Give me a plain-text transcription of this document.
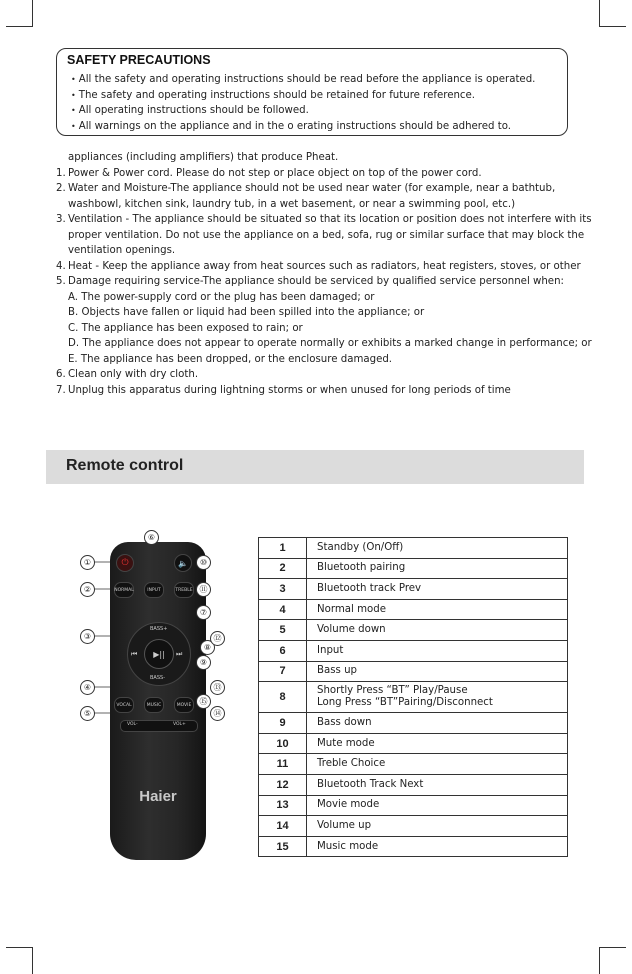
SAFETY PRECAUTIONS
• All the safety and operating instructions should be read before the appliance is operated.
• The safety and operating instructions should be retained for future reference.
• All operating instructions should be followed.
• All warnings on the appliance and in the o erating instructions should be adhered to.
appliances (including amplifiers) that produce Pheat.
1. Power & Power cord. Please do not step or place object on top of the power cord.
2. Water and Moisture-The appliance should not be used near water (for example, near a bathtub,
washbowl, kitchen sink, laundry tub, in a wet basement, or near a swimming pool, etc.)
3. Ventilation - The appliance should be situated so that its location or position does not interfere with its
proper ventilation. Do not use the appliance on a bed, sofa, rug or similar surface that may block the
ventilation openings.
4. Heat - Keep the appliance away from heat sources such as radiators, heat registers, stoves, or other
5. Damage requiring service-The appliance should be serviced by qualified service personnel when:
A. The power-supply cord or the plug has been damaged; or
B. Objects have fallen or liquid had been spilled into the appliance; or
C. The appliance has been exposed to rain; or
D. The appliance does not appear to operate normally or exhibits a marked change in performance; or
E. The appliance has been dropped, or the enclosure damaged.
6. Clean only with dry cloth.
7. Unplug this apparatus during lightning storms or when unused for long periods of time
Remote control
⏻	🔈
NORMAL	INPUT	TREBLE
BASS+
⏮	⏭
▶||
BASS-
VOCAL	MUSIC	MOVIE
VOL-	VOL+
Haier
①
②
③
④
⑤
⑥
⑦
⑧
⑨
⑩
⑪
⑫
⑬
⑭
⑮
1	Standby (On/Off)
2	Bluetooth pairing
3	Bluetooth track Prev
4	Normal mode
5	Volume down
6	Input
7	Bass up
8	Shortly Press “BT” Play/Pause
Long Press “BT”Pairing/Disconnect

9	Bass down
10	Mute mode
11	Treble Choice
12	Bluetooth Track Next
13	Movie mode
14	Volume up
15	Music mode
